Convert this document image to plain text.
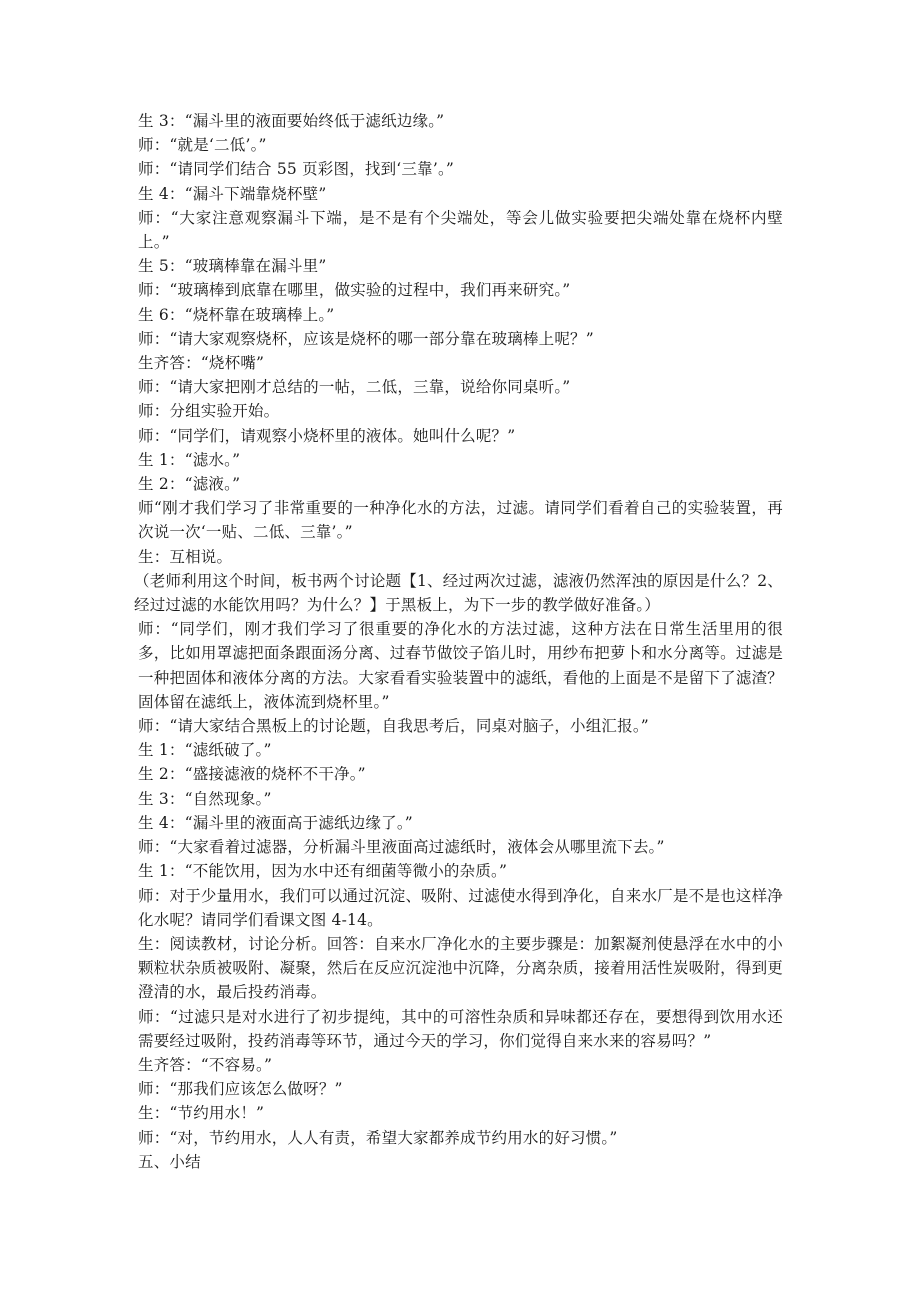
生 3：“漏斗里的液面要始终低于滤纸边缘。”

师：“就是‘二低’。”

师：“请同学们结合 55 页彩图，找到‘三靠’。”

生 4：“漏斗下端靠烧杯壁”

师：“大家注意观察漏斗下端，是不是有个尖端处，等会儿做实验要把尖端处靠在烧杯内壁上。”

生 5：“玻璃棒靠在漏斗里”

师：“玻璃棒到底靠在哪里，做实验的过程中，我们再来研究。”

生 6：“烧杯靠在玻璃棒上。”

师：“请大家观察烧杯，应该是烧杯的哪一部分靠在玻璃棒上呢？”

生齐答：“烧杯嘴”

师：“请大家把刚才总结的一帖，二低，三靠，说给你同桌听。”

师：分组实验开始。

师：“同学们，请观察小烧杯里的液体。她叫什么呢？”

生 1：“滤水。”

生 2：“滤液。”

师“刚才我们学习了非常重要的一种净化水的方法，过滤。请同学们看着自己的实验装置，再次说一次‘一贴、二低、三靠’。”

生：互相说。

（老师利用这个时间，板书两个讨论题【1、经过两次过滤，滤液仍然浑浊的原因是什么？2、经过过滤的水能饮用吗？为什么？】于黑板上，为下一步的教学做好准备。）

师：“同学们，刚才我们学习了很重要的净化水的方法过滤，这种方法在日常生活里用的很多，比如用罩滤把面条跟面汤分离、过春节做饺子馅儿时，用纱布把萝卜和水分离等。过滤是一种把固体和液体分离的方法。大家看看实验装置中的滤纸，看他的上面是不是留下了滤渣？固体留在滤纸上，液体流到烧杯里。”

师：“请大家结合黑板上的讨论题，自我思考后，同桌对脑子，小组汇报。”

生 1：“滤纸破了。”

生 2：“盛接滤液的烧杯不干净。”

生 3：“自然现象。”

生 4：“漏斗里的液面高于滤纸边缘了。”

师：“大家看着过滤器，分析漏斗里液面高过滤纸时，液体会从哪里流下去。”

生 1：“不能饮用，因为水中还有细菌等微小的杂质。”

师：对于少量用水，我们可以通过沉淀、吸附、过滤使水得到净化，自来水厂是不是也这样净化水呢？请同学们看课文图 4-14。

生：阅读教材，讨论分析。回答：自来水厂净化水的主要步骤是：加絮凝剂使悬浮在水中的小颗粒状杂质被吸附、凝聚，然后在反应沉淀池中沉降，分离杂质，接着用活性炭吸附，得到更澄清的水，最后投药消毒。

师：“过滤只是对水进行了初步提纯，其中的可溶性杂质和异味都还存在，要想得到饮用水还需要经过吸附，投药消毒等环节，通过今天的学习，你们觉得自来水来的容易吗？”

生齐答：“不容易。”

师：“那我们应该怎么做呀？”

生：“节约用水！”

师：“对，节约用水，人人有责，希望大家都养成节约用水的好习惯。”

五、小结
